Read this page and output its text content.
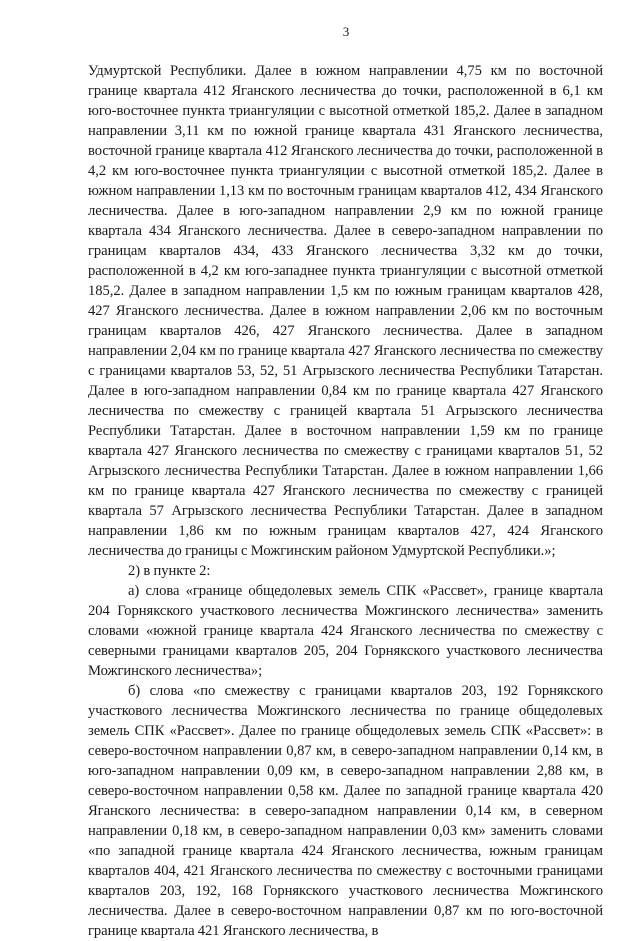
3

Удмуртской Республики. Далее в южном направлении 4,75 км по восточной границе квартала 412 Яганского лесничества до точки, расположенной в 6,1 км юго-восточнее пункта триангуляции с высотной отметкой 185,2. Далее в западном направлении 3,11 км по южной границе квартала 431 Яганского лесничества, восточной границе квартала 412 Яганского лесничества до точки, расположенной в 4,2 км юго-восточнее пункта триангуляции с высотной отметкой 185,2. Далее в южном направлении 1,13 км по восточным границам кварталов 412, 434 Яганского лесничества. Далее в юго-западном направлении 2,9 км по южной границе квартала 434 Яганского лесничества. Далее в северо-западном направлении по границам кварталов 434, 433 Яганского лесничества 3,32 км до точки, расположенной в 4,2 км юго-западнее пункта триангуляции с высотной отметкой 185,2. Далее в западном направлении 1,5 км по южным границам кварталов 428, 427 Яганского лесничества. Далее в южном направлении 2,06 км по восточным границам кварталов 426, 427 Яганского лесничества. Далее в западном направлении 2,04 км по границе квартала 427 Яганского лесничества по смежеству с границами кварталов 53, 52, 51 Агрызского лесничества Республики Татарстан. Далее в юго-западном направлении 0,84 км по границе квартала 427 Яганского лесничества по смежеству с границей квартала 51 Агрызского лесничества Республики Татарстан. Далее в восточном направлении 1,59 км по границе квартала 427 Яганского лесничества по смежеству с границами кварталов 51, 52 Агрызского лесничества Республики Татарстан. Далее в южном направлении 1,66 км по границе квартала 427 Яганского лесничества по смежеству с границей квартала 57 Агрызского лесничества Республики Татарстан. Далее в западном направлении 1,86 км по южным границам кварталов 427, 424 Яганского лесничества до границы с Можгинским районом Удмуртской Республики.»;

2) в пункте 2:

а) слова «границе общедолевых земель СПК «Рассвет», границе квартала 204 Горнякского участкового лесничества Можгинского лесничества» заменить словами «южной границе квартала 424 Яганского лесничества по смежеству с северными границами кварталов 205, 204 Горнякского участкового лесничества Можгинского лесничества»;

б) слова «по смежеству с границами кварталов 203, 192 Горнякского участкового лесничества Можгинского лесничества по границе общедолевых земель СПК «Рассвет». Далее по границе общедолевых земель СПК «Рассвет»: в северо-восточном направлении 0,87 км, в северо-западном направлении 0,14 км, в юго-западном направлении 0,09 км, в северо-западном направлении 2,88 км, в северо-восточном направлении 0,58 км. Далее по западной границе квартала 420 Яганского лесничества: в северо-западном направлении 0,14 км, в северном направлении 0,18 км, в северо-западном направлении 0,03 км» заменить словами «по западной границе квартала 424 Яганского лесничества, южным границам кварталов 404, 421 Яганского лесничества по смежеству с восточными границами кварталов 203, 192, 168 Горнякского участкового лесничества Можгинского лесничества. Далее в северо-восточном направлении 0,87 км по юго-восточной границе квартала 421 Яганского лесничества, в
